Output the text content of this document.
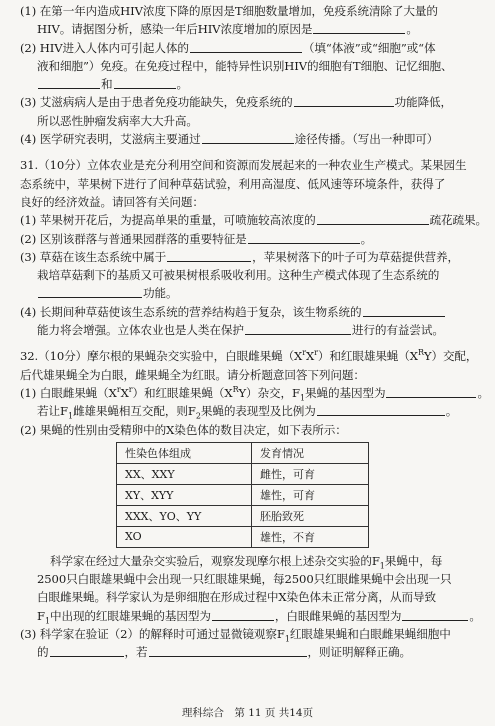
(1) 在第一年内造成HIV浓度下降的原因是T细胞数量增加，免疫系统清除了大量的
HIV。请据图分析，感染一年后HIV浓度增加的原因是	。
(2) HIV进入人体内可引起人体的	（填“体液”或“细胞”或“体
液和细胞”）免疫。在免疫过程中，能特异性识别HIV的细胞有T细胞、记忆细胞、
和	。
(3) 艾滋病病人是由于患者免疫功能缺失，免疫系统的	功能降低，
所以恶性肿瘤发病率大大升高。
(4) 医学研究表明，艾滋病主要通过	途径传播。（写出一种即可）
31.（10分）立体农业是充分利用空间和资源而发展起来的一种农业生产模式。某果园生
态系统中，苹果树下进行了间种草菇试验，利用高湿度、低风速等环境条件，获得了
良好的经济效益。请回答有关问题：
(1) 苹果树开花后，为提高单果的重量，可喷施较高浓度的	疏花疏果。
(2) 区别该群落与普通果园群落的重要特征是	。
(3) 草菇在该生态系统中属于	，苹果树落下的叶子可为草菇提供营养，
栽培草菇剩下的基质又可被果树根系吸收利用。这种生产模式体现了生态系统的
功能。
(4) 长期间种草菇使该生态系统的营养结构趋于复杂，该生物系统的
能力将会增强。立体农业也是人类在保护	进行的有益尝试。
32.（10分）摩尔根的果蝇杂交实验中，白眼雌果蝇$(X^rX^r)$和红眼雄果蝇$(X^RY)$交配，
后代雄果蝇全为白眼，雌果蝇全为红眼。请分析题意回答下列问题：
(1) 白眼雌果蝇$(X^rX^r)$和红眼雄果蝇$(X^RY)$杂交，$F_1$果蝇的基因型为	。
若让$F_1$雌雄果蝇相互交配，则$F_2$果蝇的表现型及比例为	。
(2) 果蝇的性别由受精卵中的X染色体的数目决定，如下表所示：
性染色体组成	发育情况
XX、XXY	雌性，可育
XY、XYY	雄性，可育
XXX、YO、YY	胚胎致死
XO	雄性，不育
科学家在经过大量杂交实验后，观察发现摩尔根上述杂交实验的$F_1$果蝇中，每
2500只白眼雄果蝇中会出现一只红眼雄果蝇，每2500只红眼雌果蝇中会出现一只
白眼雌果蝇。科学家认为是卵细胞在形成过程中X染色体未正常分离，从而导致
$F_1$中出现的红眼雄果蝇的基因型为	，白眼雌果蝇的基因型为	。
(3) 科学家在验证（2）的解释时可通过显微镜观察$F_1$红眼雄果蝇和白眼雌果蝇细胞中
的	，若	，则证明解释正确。
理科综合　第 11 页 共14页
